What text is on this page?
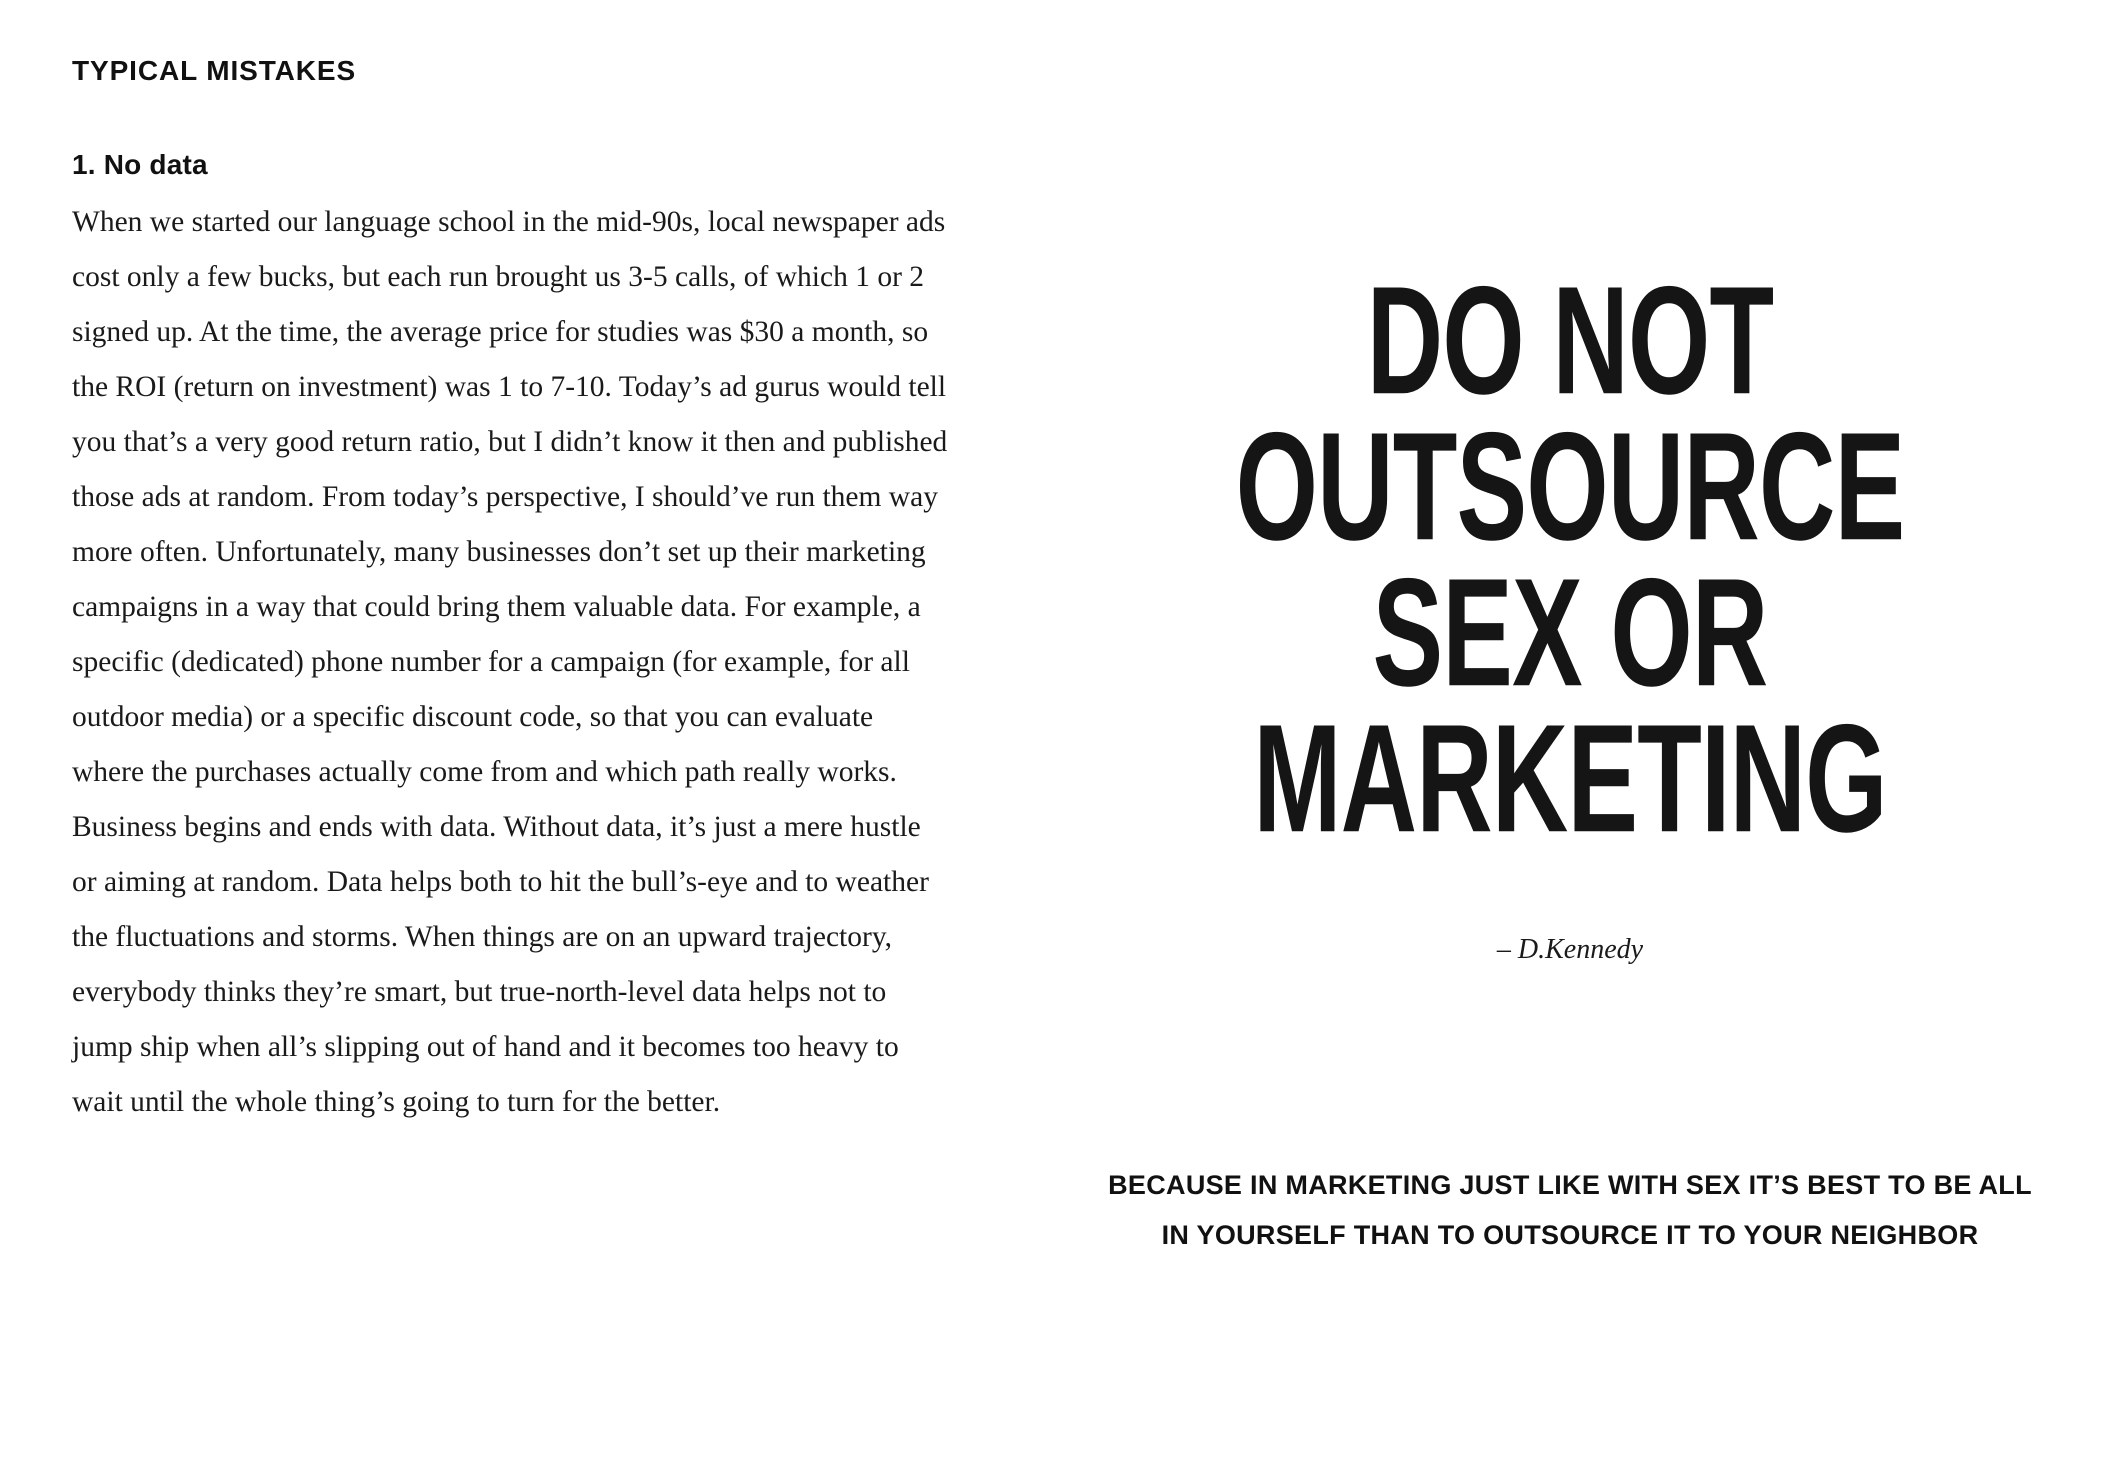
TYPICAL MISTAKES
1. No data

When we started our language school in the mid-90s, local newspaper ads cost only a few bucks, but each run brought us 3-5 calls, of which 1 or 2 signed up. At the time, the average price for studies was $30 a month, so the ROI (return on investment) was 1 to 7-10. Today’s ad gurus would tell you that’s a very good return ratio, but I didn’t know it then and published those ads at random. From today’s perspective, I should’ve run them way more often. Unfortunately, many businesses don’t set up their marketing campaigns in a way that could bring them valuable data. For example, a specific (dedicated) phone number for a campaign (for example, for all outdoor media) or a specific discount code, so that you can evaluate where the purchases actually come from and which path really works. Business begins and ends with data. Without data, it’s just a mere hustle or aiming at random. Data helps both to hit the bull’s-eye and to weather the fluctuations and storms. When things are on an upward trajectory, everybody thinks they’re smart, but true-north-level data helps not to jump ship when all’s slipping out of hand and it becomes too heavy to wait until the whole thing’s going to turn for the better.

DO NOT
OUTSOURCE
SEX OR
MARKETING
– D.Kennedy
BECAUSE IN MARKETING JUST LIKE WITH SEX IT’S BEST TO BE ALL IN YOURSELF THAN TO OUTSOURCE IT TO YOUR NEIGHBOR
